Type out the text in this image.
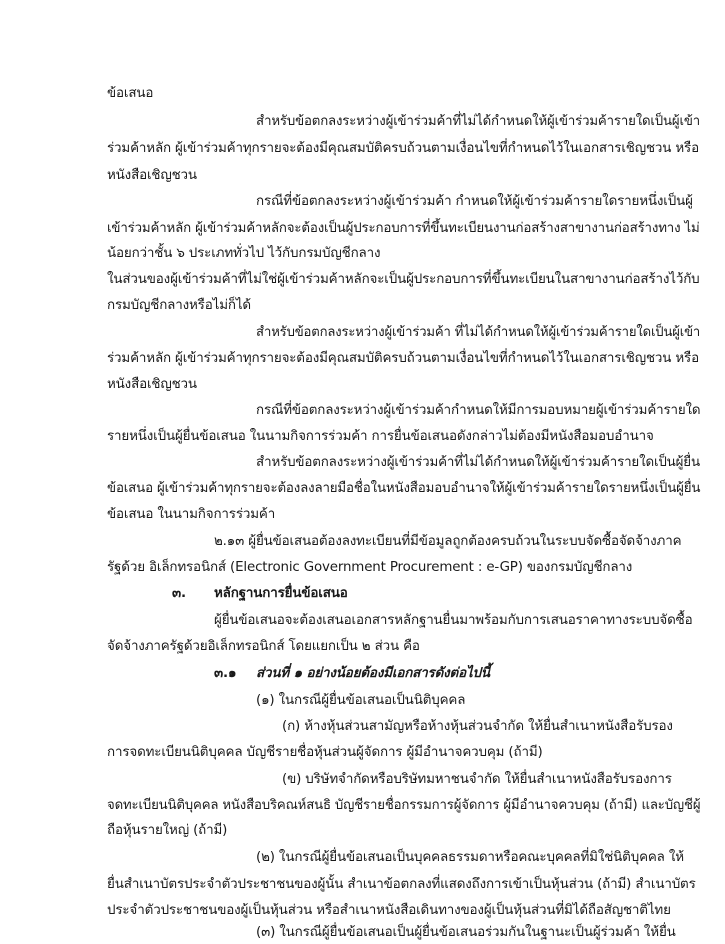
ข้อเสนอ
สำหรับข้อตกลงระหว่างผู้เข้าร่วมค้าที่ไม่ได้กำหนดให้ผู้เข้าร่วมค้ารายใดเป็นผู้เข้า
ร่วมค้าหลัก ผู้เข้าร่วมค้าทุกรายจะต้องมีคุณสมบัติครบถ้วนตามเงื่อนไขที่กำหนดไว้ในเอกสารเชิญชวน หรือ
หนังสือเชิญชวน
กรณีที่ข้อตกลงระหว่างผู้เข้าร่วมค้า กำหนดให้ผู้เข้าร่วมค้ารายใดรายหนึ่งเป็นผู้
เข้าร่วมค้าหลัก ผู้เข้าร่วมค้าหลักจะต้องเป็นผู้ประกอบการที่ขึ้นทะเบียนงานก่อสร้างสาขางานก่อสร้างทาง ไม่
น้อยกว่าชั้น ๖ ประเภททั่วไป ไว้กับกรมบัญชีกลาง
ในส่วนของผู้เข้าร่วมค้าที่ไม่ใช่ผู้เข้าร่วมค้าหลักจะเป็นผู้ประกอบการที่ขึ้นทะเบียนในสาขางานก่อสร้างไว้กับ
กรมบัญชีกลางหรือไม่ก็ได้
สำหรับข้อตกลงระหว่างผู้เข้าร่วมค้า ที่ไม่ได้กำหนดให้ผู้เข้าร่วมค้ารายใดเป็นผู้เข้า
ร่วมค้าหลัก ผู้เข้าร่วมค้าทุกรายจะต้องมีคุณสมบัติครบถ้วนตามเงื่อนไขที่กำหนดไว้ในเอกสารเชิญชวน หรือ
หนังสือเชิญชวน
กรณีที่ข้อตกลงระหว่างผู้เข้าร่วมค้ากำหนดให้มีการมอบหมายผู้เข้าร่วมค้ารายใด
รายหนึ่งเป็นผู้ยื่นข้อเสนอ ในนามกิจการร่วมค้า การยื่นข้อเสนอดังกล่าวไม่ต้องมีหนังสือมอบอำนาจ
สำหรับข้อตกลงระหว่างผู้เข้าร่วมค้าที่ไม่ได้กำหนดให้ผู้เข้าร่วมค้ารายใดเป็นผู้ยื่น
ข้อเสนอ ผู้เข้าร่วมค้าทุกรายจะต้องลงลายมือชื่อในหนังสือมอบอำนาจให้ผู้เข้าร่วมค้ารายใดรายหนึ่งเป็นผู้ยื่น
ข้อเสนอ ในนามกิจการร่วมค้า
๒.๑๓ ผู้ยื่นข้อเสนอต้องลงทะเบียนที่มีข้อมูลถูกต้องครบถ้วนในระบบจัดซื้อจัดจ้างภาค
รัฐด้วย อิเล็กทรอนิกส์ (Electronic Government Procurement : e-GP) ของกรมบัญชีกลาง
๓. หลักฐานการยื่นข้อเสนอ
ผู้ยื่นข้อเสนอจะต้องเสนอเอกสารหลักฐานยื่นมาพร้อมกับการเสนอราคาทางระบบจัดซื้อ
จัดจ้างภาครัฐด้วยอิเล็กทรอนิกส์ โดยแยกเป็น ๒ ส่วน คือ
๓.๑ ส่วนที่ ๑ อย่างน้อยต้องมีเอกสารดังต่อไปนี้
(๑) ในกรณีผู้ยื่นข้อเสนอเป็นนิติบุคคล
(ก) ห้างหุ้นส่วนสามัญหรือห้างหุ้นส่วนจำกัด ให้ยื่นสำเนาหนังสือรับรอง
การจดทะเบียนนิติบุคคล บัญชีรายชื่อหุ้นส่วนผู้จัดการ ผู้มีอำนาจควบคุม (ถ้ามี)
(ข) บริษัทจำกัดหรือบริษัทมหาชนจำกัด ให้ยื่นสำเนาหนังสือรับรองการ
จดทะเบียนนิติบุคคล หนังสือบริคณห์สนธิ บัญชีรายชื่อกรรมการผู้จัดการ ผู้มีอำนาจควบคุม (ถ้ามี) และบัญชีผู้
ถือหุ้นรายใหญ่ (ถ้ามี)
(๒) ในกรณีผู้ยื่นข้อเสนอเป็นบุคคลธรรมดาหรือคณะบุคคลที่มิใช่นิติบุคคล ให้
ยื่นสำเนาบัตรประจำตัวประชาชนของผู้นั้น สำเนาข้อตกลงที่แสดงถึงการเข้าเป็นหุ้นส่วน (ถ้ามี) สำเนาบัตร
ประจำตัวประชาชนของผู้เป็นหุ้นส่วน หรือสำเนาหนังสือเดินทางของผู้เป็นหุ้นส่วนที่มิได้ถือสัญชาติไทย
(๓) ในกรณีผู้ยื่นข้อเสนอเป็นผู้ยื่นข้อเสนอร่วมกันในฐานะเป็นผู้ร่วมค้า ให้ยื่น
